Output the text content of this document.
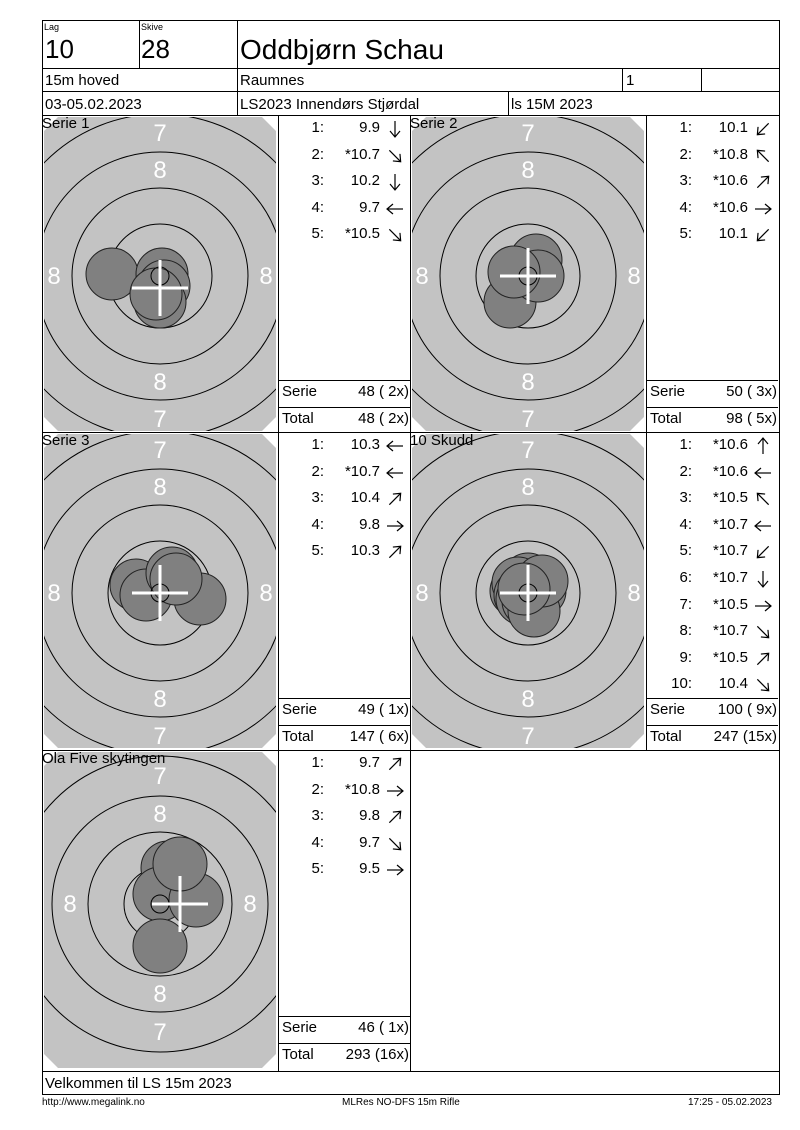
Lag
10
Skive
28	Oddbjørn Schau
15m hoved	Raumnes	1
03-05.02.2023	LS2023 Innendørs Stjørdal	ls 15M 2023
7
7
8
8
8	8
Serie 1	1:	9.9
2:	*10.7
3:	10.2
4:	9.7
5:	*10.5
Serie	48 ( 2x)
Total	48 ( 2x)
7
7
8
8
8	8
Serie 2	1:	10.1
2:	*10.8
3:	*10.6
4:	*10.6
5:	10.1
Serie	50 ( 3x)
Total	98 ( 5x)
7
7
8
8
8	8
Serie 3	1:	10.3
2:	*10.7
3:	10.4
4:	9.8
5:	10.3
Serie	49 ( 1x)
Total 147 ( 6x)
7
7
8
8
8	8
10 Skudd	1:	*10.6
2:	*10.6
3:	*10.5
4:	*10.7
5:	*10.7
6:	*10.7
7:	*10.5
8:	*10.7
9:	*10.5
10:	10.4
Serie 100 ( 9x)
Total 247 (15x)
7
7
8
8
8	8
Ola Five skytingen	1:	9.7
2:	*10.8
3:	9.8
4:	9.7
5:	9.5
Serie	46 ( 1x)
Total 293 (16x)
Velkommen til LS 15m 2023
http://www.megalink.no	MLRes NO-DFS 15m Rifle	17:25 - 05.02.2023
